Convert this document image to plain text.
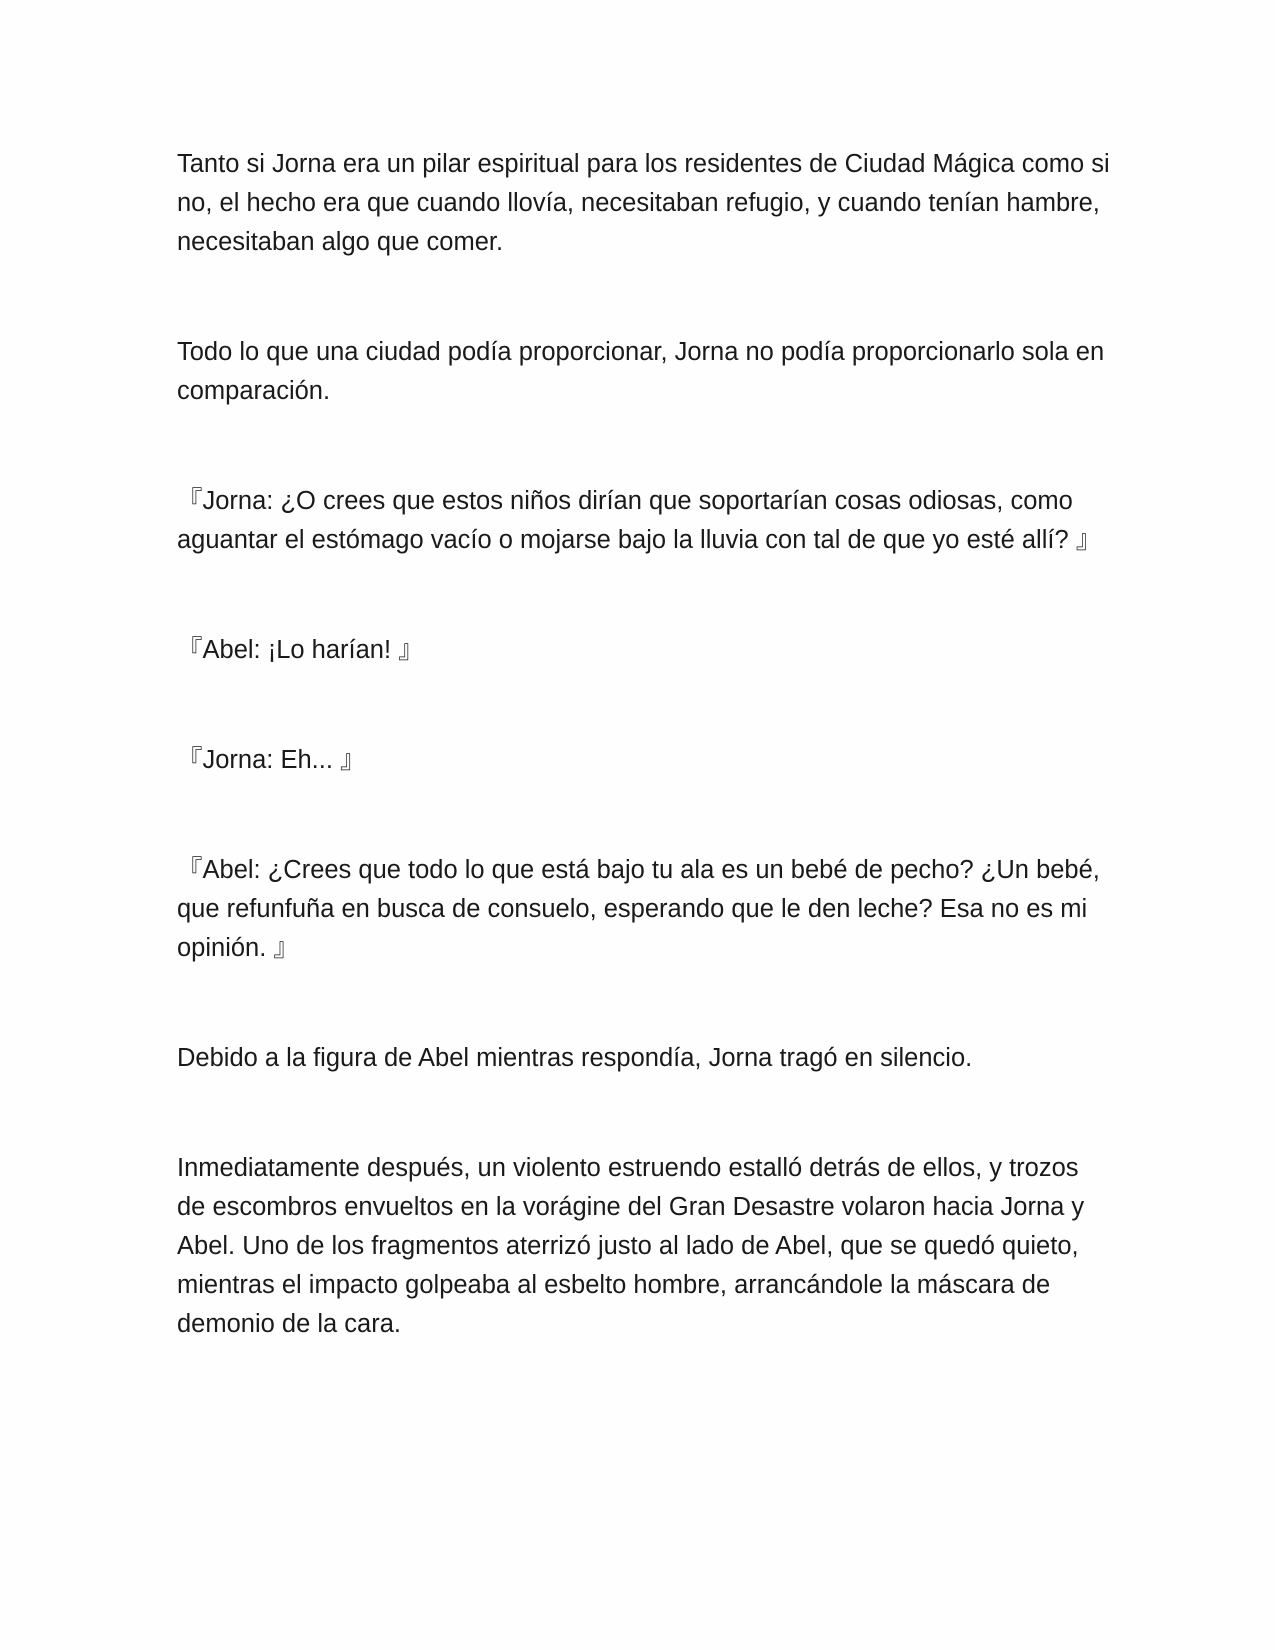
Tanto si Jorna era un pilar espiritual para los residentes de Ciudad Mágica como si no, el hecho era que cuando llovía, necesitaban refugio, y cuando tenían hambre, necesitaban algo que comer.

Todo lo que una ciudad podía proporcionar, Jorna no podía proporcionarlo sola en comparación.

『Jorna: ¿O crees que estos niños dirían que soportarían cosas odiosas, como aguantar el estómago vacío o mojarse bajo la lluvia con tal de que yo esté allí? 』

『Abel: ¡Lo harían! 』

『Jorna: Eh... 』

『Abel: ¿Crees que todo lo que está bajo tu ala es un bebé de pecho? ¿Un bebé, que refunfuña en busca de consuelo, esperando que le den leche? Esa no es mi opinión. 』

Debido a la figura de Abel mientras respondía, Jorna tragó en silencio.

Inmediatamente después, un violento estruendo estalló detrás de ellos, y trozos de escombros envueltos en la vorágine del Gran Desastre volaron hacia Jorna y Abel. Uno de los fragmentos aterrizó justo al lado de Abel, que se quedó quieto, mientras el impacto golpeaba al esbelto hombre, arrancándole la máscara de demonio de la cara.
